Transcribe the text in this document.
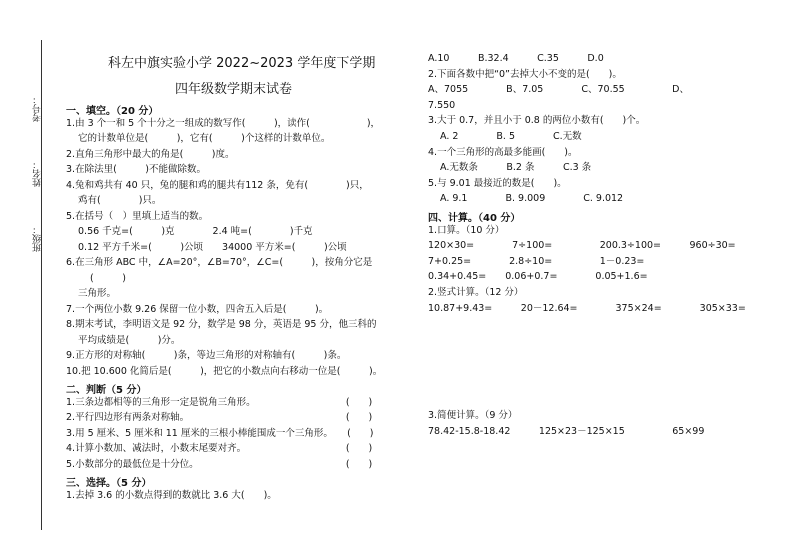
考号：
姓名：
班级：
科左中旗实验小学 2022~2023 学年度下学期
四年级数学期末试卷
一、填空。（20 分）
1.由 3 个一和 5 个十分之一组成的数写作(　　　)，读作(　　　　　　)，
它的计数单位是(　　　)，它有(　　　)个这样的计数单位。
2.直角三角形中最大的角是(　　　)度。
3.在除法里(　　　)不能做除数。
4.兔和鸡共有 40 只，兔的腿和鸡的腿共有112 条，免有(　　　　)只，
鸡有(　　　　)只。
5.在括号（　）里填上适当的数。
0.56 千克=(　　　)克　　　　2.4 吨=(　　　　)千克
0.12 平方千米=(　　　)公顷　　34000 平方米=(　　　)公顷
6.在三角形 ABC 中，∠A=20°，∠B=70°，∠C=(　　　)，按角分它是
(　　　)
三角形。
7.一个两位小数 9.26 保留一位小数，四舍五入后是(　　　)。
8.期末考试，李明语文是 92 分，数学是 98 分，英语是 95 分，他三科的
平均成绩是(　　　)分。
9.正方形的对称轴(　　　)条，等边三角形的对称轴有(　　　)条。
10.把 10.600 化简后是(　　　)，把它的小数点向右移动一位是(　　　)。
二、判断（5 分）
1.三条边都相等的三角形一定是锐角三角形。　　　　　　　　　　(　　)
2.平行四边形有两条对称轴。　　　　　　　　　　　　　　　　　(　　)
3.用 5 厘米、5 厘米和 11 厘米的三根小棒能围成一个三角形。　　(　　)
4.计算小数加、减法时，小数末尾要对齐。　　　　　　　　　　　(　　)
5.小数部分的最低位是十分位。　　　　　　　　　　　　　　　　(　　)
三、选择。（5 分）
1.去掉 3.6 的小数点得到的数就比 3.6 大(　　)。
A.10　　　B.32.4　　　C.35　　　D.0
2.下面各数中把“0”去掉大小不变的是(　　)。
A、7055　　　　B、7.05　　　　C、70.55　　　　　D、
7.550
3.大于 0.7，并且小于 0.8 的两位小数有(　　)个。
A. 2　　　　B. 5　　　　C.无数
4.一个三角形的高最多能画(　　)。
A.无数条　　　B.2 条　　　C.3 条
5.与 9.01 最接近的数是(　　)。
A. 9.1　　　　B. 9.009　　　　C. 9.012
四、计算。（40 分）
1.口算。（10 分）
120×30=　　　　7÷100=　　　　　200.3÷100=　　　960÷30=
7+0.25=　　　　2.8÷10=　　　　　1－0.23=
0.34+0.45=　　0.06+0.7=　　　　0.05+1.6=
2.竖式计算。（12 分）
10.87+9.43=　　　20－12.64=　　　　375×24=　　　　305×33=
3.简便计算。（9 分）
78.42-15.8-18.42　　　125×23－125×15　　　　　65×99
